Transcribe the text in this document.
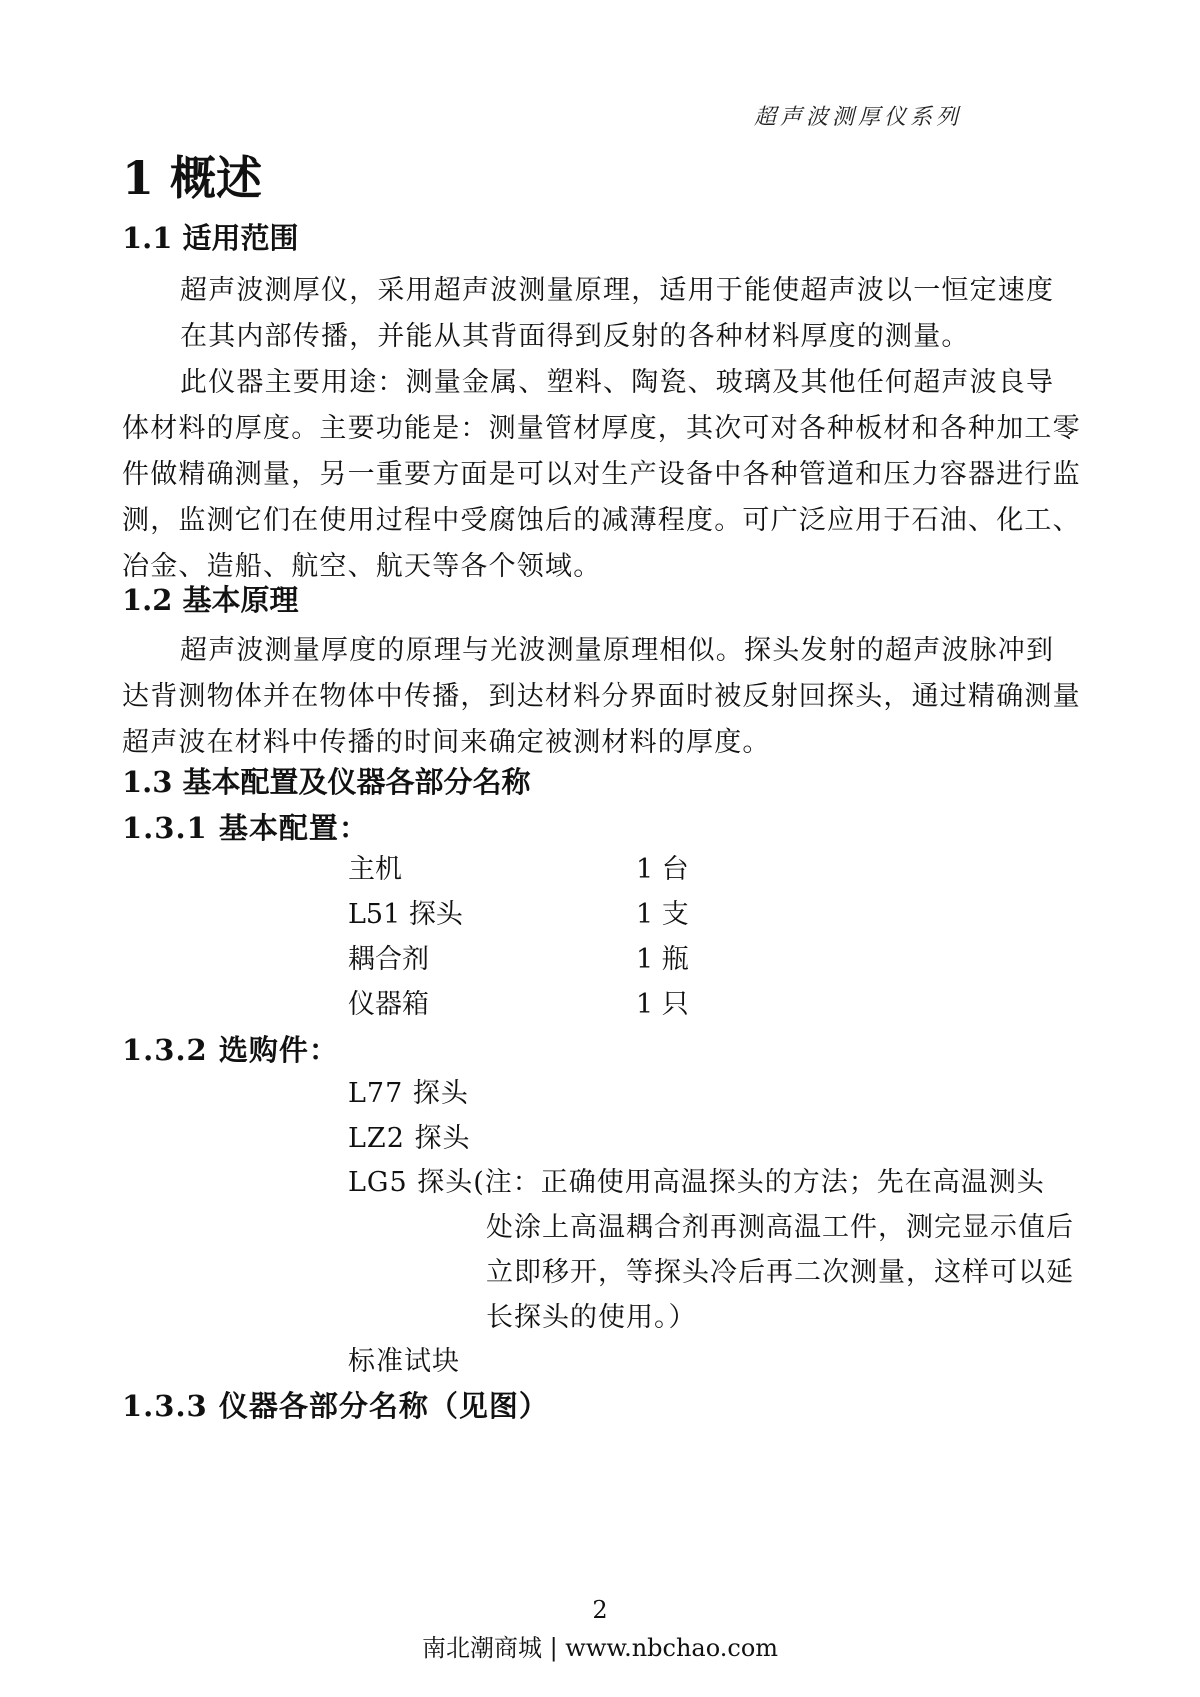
超声波测厚仪系列
1 概述
1.1 适用范围

超声波测厚仪，采用超声波测量原理，适用于能使超声波以一恒定速度在其内部传播，并能从其背面得到反射的各种材料厚度的测量。

此仪器主要用途：测量金属、塑料、陶瓷、玻璃及其他任何超声波良导体材料的厚度。主要功能是：测量管材厚度，其次可对各种板材和各种加工零件做精确测量，另一重要方面是可以对生产设备中各种管道和压力容器进行监测，监测它们在使用过程中受腐蚀后的减薄程度。可广泛应用于石油、化工、冶金、造船、航空、航天等各个领域。

1.2 基本原理

超声波测量厚度的原理与光波测量原理相似。探头发射的超声波脉冲到达背测物体并在物体中传播，到达材料分界面时被反射回探头，通过精确测量超声波在材料中传播的时间来确定被测材料的厚度。

1.3 基本配置及仪器各部分名称
1.3.1 基本配置：
主机	1 台
L51 探头	1 支
耦合剂	1 瓶
仪器箱	1 只
1.3.2 选购件：
L77 探头
LZ2 探头
LG5 探头(注：正确使用高温探头的方法；先在高温测头
处涂上高温耦合剂再测高温工件，测完显示值后立即移开，等探头冷后再二次测量，这样可以延长探头的使用。）
标准试块
1.3.3 仪器各部分名称（见图）
2
南北潮商城 | www.nbchao.com
